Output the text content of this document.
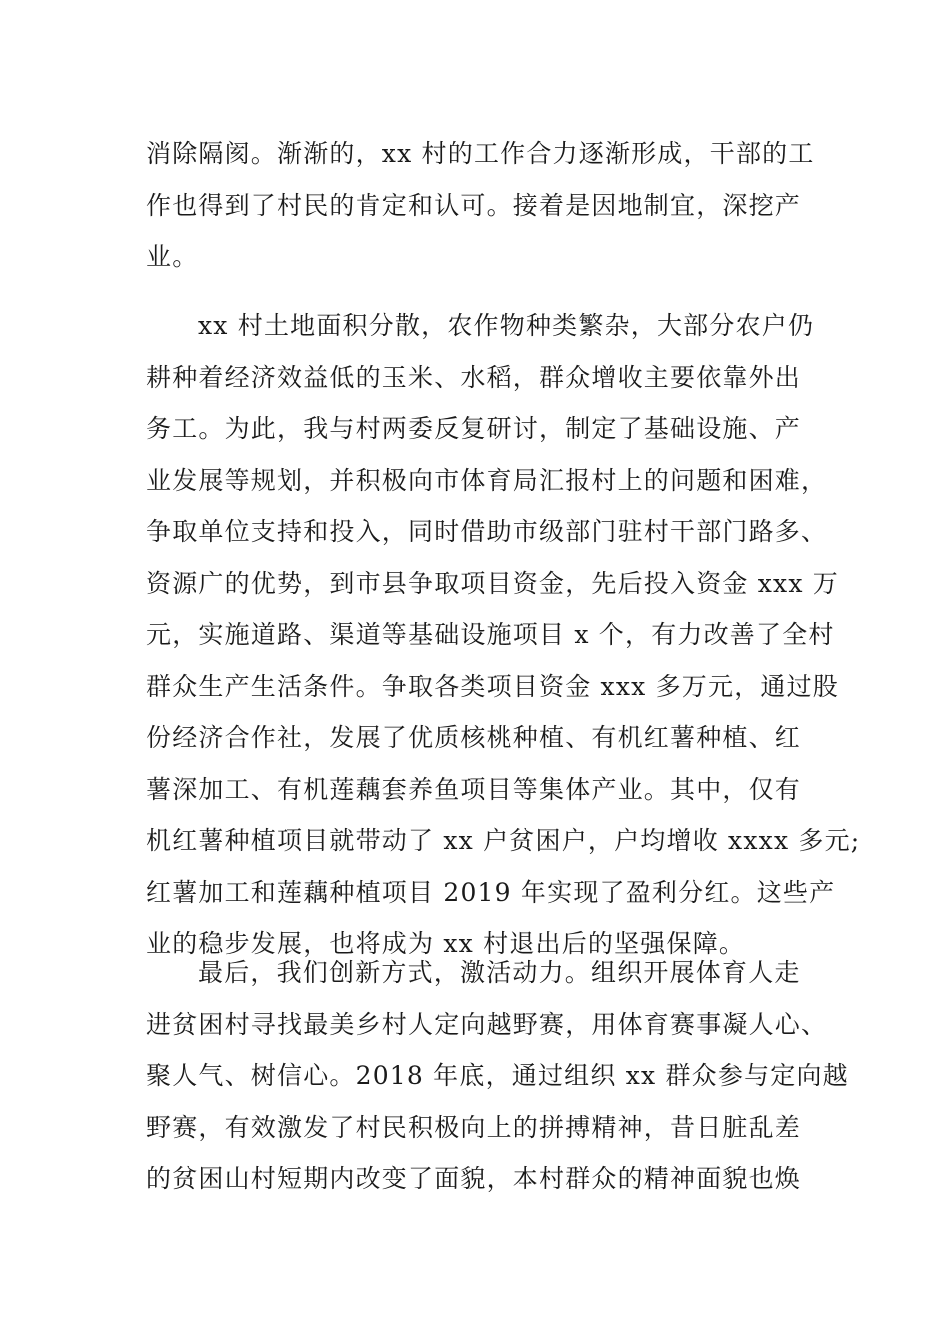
消除隔阂。渐渐的，xx 村的工作合力逐渐形成，干部的工
作也得到了村民的肯定和认可。接着是因地制宜，深挖产
业。
xx 村土地面积分散，农作物种类繁杂，大部分农户仍
耕种着经济效益低的玉米、水稻，群众增收主要依靠外出
务工。为此，我与村两委反复研讨，制定了基础设施、产
业发展等规划，并积极向市体育局汇报村上的问题和困难，
争取单位支持和投入，同时借助市级部门驻村干部门路多、
资源广的优势，到市县争取项目资金，先后投入资金 xxx 万
元，实施道路、渠道等基础设施项目 x 个，有力改善了全村
群众生产生活条件。争取各类项目资金 xxx 多万元，通过股
份经济合作社，发展了优质核桃种植、有机红薯种植、红
薯深加工、有机莲藕套养鱼项目等集体产业。其中，仅有
机红薯种植项目就带动了 xx 户贫困户，户均增收 xxxx 多元;
红薯加工和莲藕种植项目 2019 年实现了盈利分红。这些产
业的稳步发展，也将成为 xx 村退出后的坚强保障。
最后，我们创新方式，激活动力。组织开展体育人走
进贫困村寻找最美乡村人定向越野赛，用体育赛事凝人心、
聚人气、树信心。2018 年底，通过组织 xx 群众参与定向越
野赛，有效激发了村民积极向上的拼搏精神，昔日脏乱差
的贫困山村短期内改变了面貌，本村群众的精神面貌也焕
